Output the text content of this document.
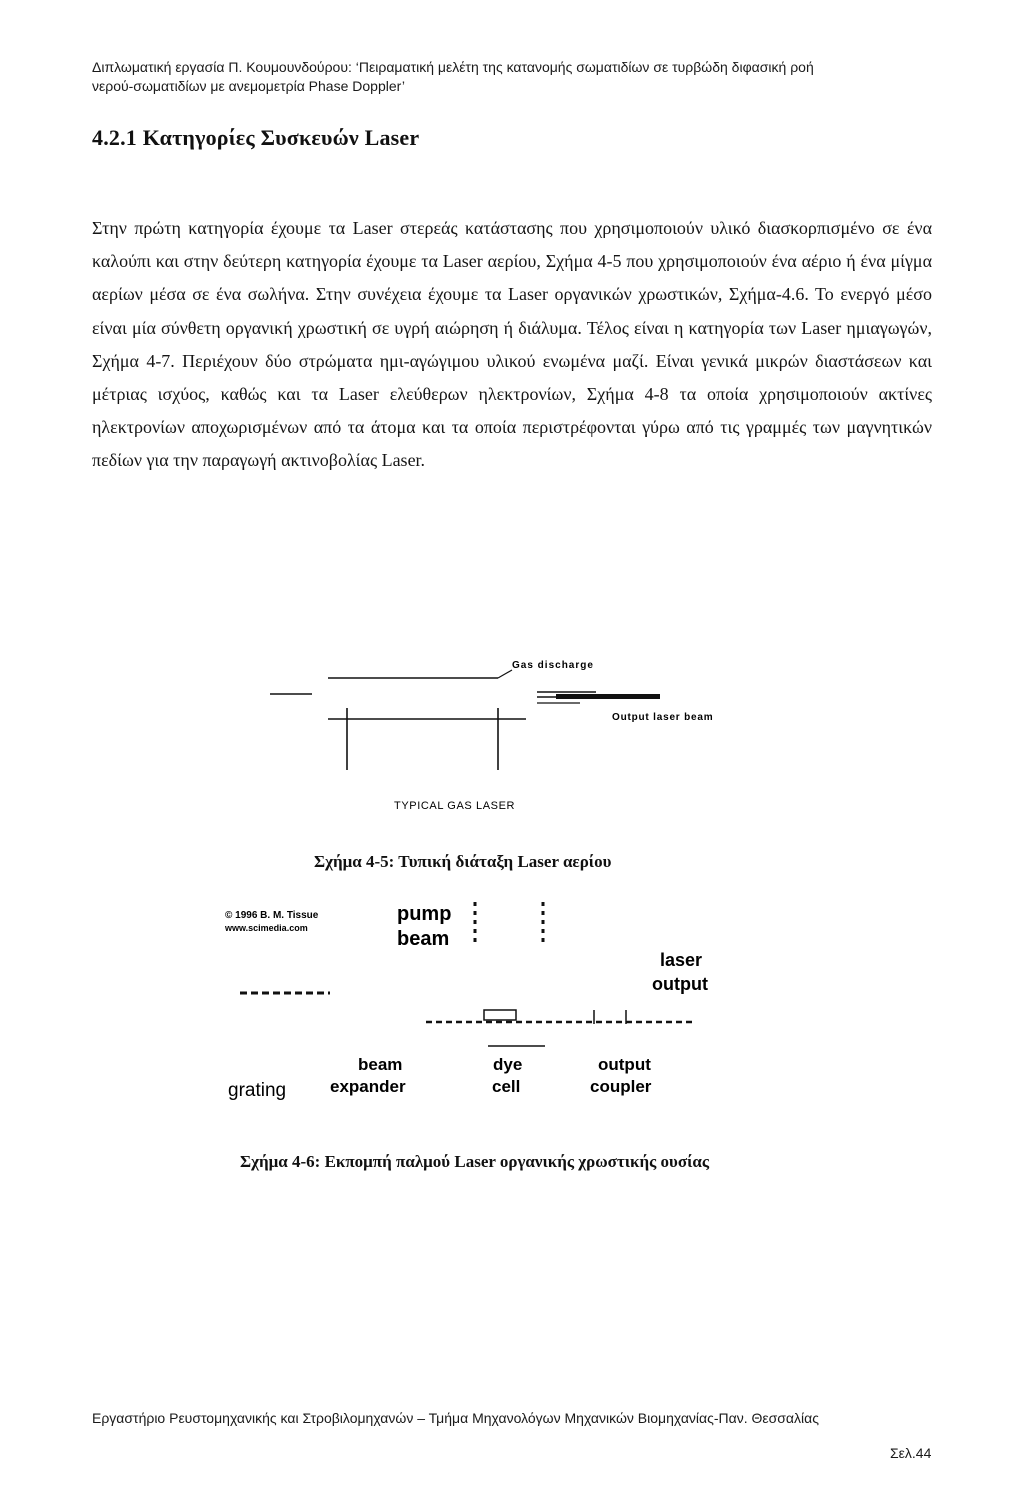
Διπλωματική εργασία Π. Κουμουνδούρου: ‘Πειραματική μελέτη της κατανομής σωματιδίων σε τυρβώδη διφασική ροή
νερού-σωματιδίων με ανεμομετρία Phase Doppler’
4.2.1 Κατηγορίες Συσκευών Laser

Στην πρώτη κατηγορία έχουμε τα Laser στερεάς κατάστασης που χρησιμοποιούν υλικό διασκορπισμένο σε ένα καλούπι και στην δεύτερη κατηγορία έχουμε τα Laser αερίου, Σχήμα 4-5 που χρησιμοποιούν ένα αέριο ή ένα μίγμα αερίων μέσα σε ένα σωλήνα. Στην συνέχεια έχουμε τα Laser οργανικών χρωστικών, Σχήμα-4.6. Το ενεργό μέσο είναι μία σύνθετη οργανική χρωστική σε υγρή αιώρηση ή διάλυμα. Τέλος είναι η κατηγορία των Laser ημιαγωγών, Σχήμα 4-7. Περιέχουν δύο στρώματα ημι-αγώγιμου υλικού ενωμένα μαζί. Είναι γενικά μικρών διαστάσεων και μέτριας ισχύος, καθώς και τα Laser ελεύθερων ηλεκτρονίων, Σχήμα 4-8 τα οποία χρησιμοποιούν ακτίνες ηλεκτρονίων αποχωρισμένων από τα άτομα και τα οποία περιστρέφονται γύρω από τις γραμμές των μαγνητικών πεδίων για την παραγωγή ακτινοβολίας Laser.

Gas discharge
Output laser beam
TYPICAL GAS LASER
© 1996 B. M. Tissue
www.scimedia.com
pump
beam
laser
output
beam
expander
dye
cell
output
coupler
grating
Σχήμα 4-5: Τυπική διάταξη Laser αερίου
Σχήμα 4-6: Εκπομπή παλμού Laser οργανικής χρωστικής ουσίας
Εργαστήριο Ρευστομηχανικής και Στροβιλομηχανών – Τμήμα Μηχανολόγων Μηχανικών Βιομηχανίας-Παν. Θεσσαλίας
Σελ.44
